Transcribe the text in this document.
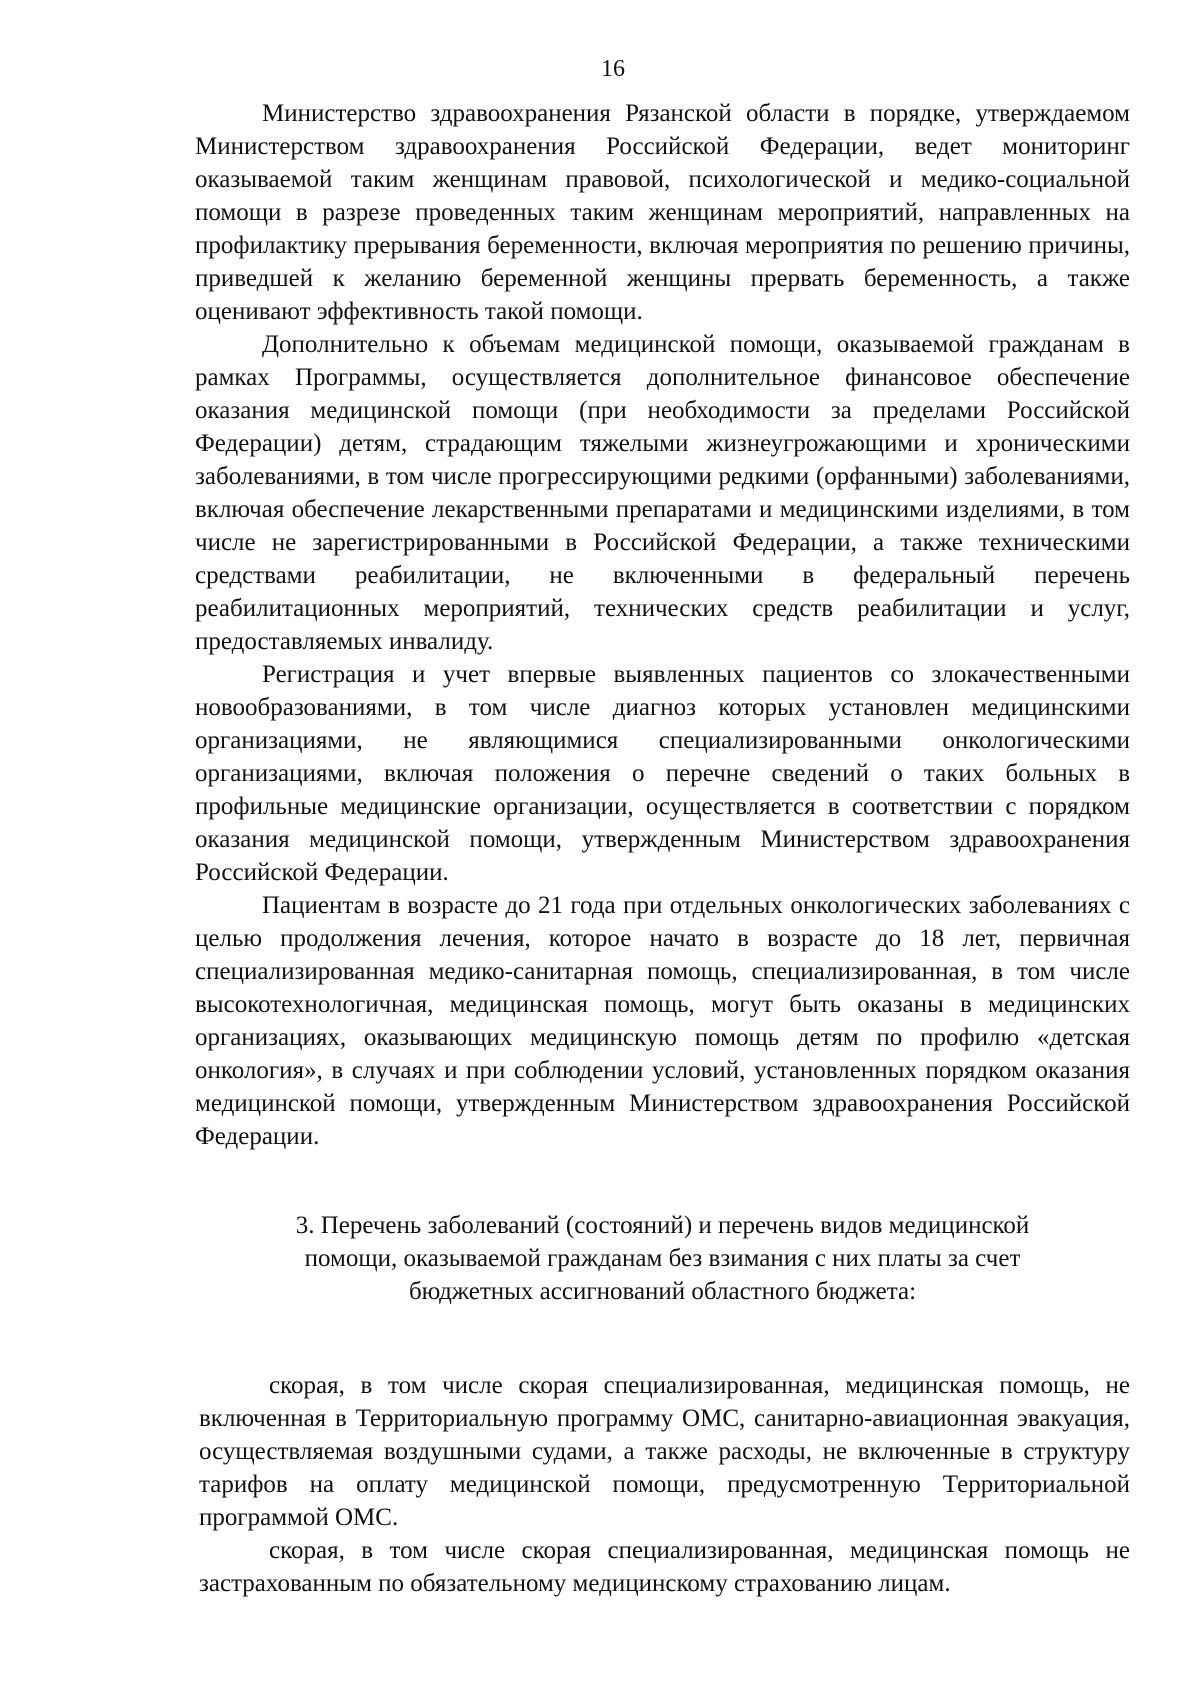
16

Министерство здравоохранения Рязанской области в порядке, утверждаемом Министерством здравоохранения Российской Федерации, ведет мониторинг оказываемой таким женщинам правовой, психологической и медико-социальной помощи в разрезе проведенных таким женщинам мероприятий, направленных на профилактику прерывания беременности, включая мероприятия по решению причины, приведшей к желанию беременной женщины прервать беременность, а также оценивают эффективность такой помощи.

Дополнительно к объемам медицинской помощи, оказываемой гражданам в рамках Программы, осуществляется дополнительное финансовое обеспечение оказания медицинской помощи (при необходимости за пределами Российской Федерации) детям, страдающим тяжелыми жизнеугрожающими и хроническими заболеваниями, в том числе прогрессирующими редкими (орфанными) заболеваниями, включая обеспечение лекарственными препаратами и медицинскими изделиями, в том числе не зарегистрированными в Российской Федерации, а также техническими средствами реабилитации, не включенными в федеральный перечень реабилитационных мероприятий, технических средств реабилитации и услуг, предоставляемых инвалиду.

Регистрация и учет впервые выявленных пациентов со злокачественными новообразованиями, в том числе диагноз которых установлен медицинскими организациями, не являющимися специализированными онкологическими организациями, включая положения о перечне сведений о таких больных в профильные медицинские организации, осуществляется в соответствии с порядком оказания медицинской помощи, утвержденным Министерством здравоохранения Российской Федерации.

Пациентам в возрасте до 21 года при отдельных онкологических заболеваниях с целью продолжения лечения, которое начато в возрасте до 18 лет, первичная специализированная медико-санитарная помощь, специализированная, в том числе высокотехнологичная, медицинская помощь, могут быть оказаны в медицинских организациях, оказывающих медицинскую помощь детям по профилю «детская онкология», в случаях и при соблюдении условий, установленных порядком оказания медицинской помощи, утвержденным Министерством здравоохранения Российской Федерации.

3. Перечень заболеваний (состояний) и перечень видов медицинской
помощи, оказываемой гражданам без взимания с них платы за счет
бюджетных ассигнований областного бюджета:

скорая, в том числе скорая специализированная, медицинская помощь, не включенная в Территориальную программу ОМС, санитарно-авиационная эвакуация, осуществляемая воздушными судами, а также расходы, не включенные в структуру тарифов на оплату медицинской помощи, предусмотренную Территориальной программой ОМС.

скорая, в том числе скорая специализированная, медицинская помощь не застрахованным по обязательному медицинскому страхованию лицам.
